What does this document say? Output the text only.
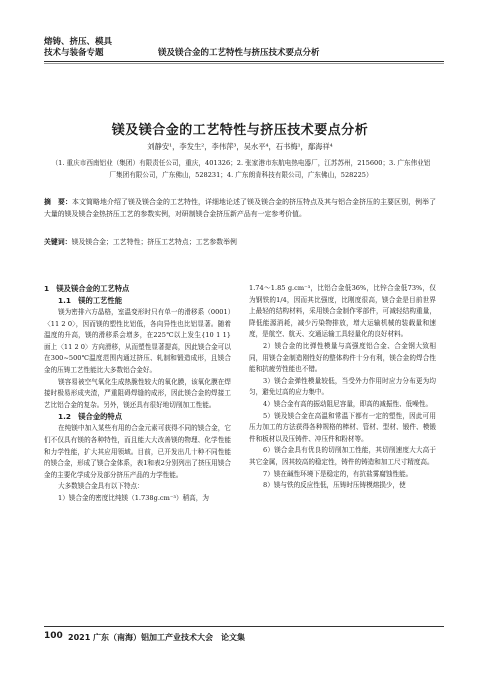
熔铸、挤压、模具
技术与装备专题	镁及镁合金的工艺特性与挤压技术要点分析
镁及镁合金的工艺特性与挤压技术要点分析
刘静安¹，李发生²，李伟萍³，吴水平⁴，石书梅¹，鄢海祥⁴
（1. 重庆市西南铝业（集团）有限责任公司，重庆，401326；2. 张家港市东航电热电器厂，江苏苏州，215600；3. 广东伟业铝厂集团有限公司，广东佛山，528231；4. 广东朗肯科技有限公司，广东佛山，528225）
摘　要：本文简略地介绍了镁及镁合金的工艺特性，详细地论述了镁及镁合金的挤压特点及其与铝合金挤压的主要区别，例举了大量的镁及镁合金热挤压工艺的参数实例，对研制镁合金挤压新产品有一定参考价值。
关键词：镁及镁合金；工艺特性；挤压工艺特点；工艺参数举例

1　镁及镁合金的工艺特点

1.1　镁的工艺性能

镁为密排六方晶格，室温变形时只有单一的滑移系（0001）〈11 2 0〉，因而镁的塑性比铝低，各向异性也比铝显著。随着温度的升高，镁的滑移系会增多，在225℃以上发生{10 1 1}面上〈11 2 0〉方向滑移，从而塑性显著提高，因此镁合金可以在300~500℃温度范围内通过挤压、轧制和锻造成形，且镁合金的压铸工艺性能比大多数铝合金好。

镁容易被空气氧化生成热脆性较大的氧化膜，该氧化膜在焊接时极易形成夹渣，严重阻碍焊缝的成形，因此镁合金的焊接工艺比铝合金的复杂。另外，镁还具有很好地切削加工性能。

1.2　镁合金的特点

在纯镁中加入某些有用的合金元素可获得不同的镁合金，它们不仅具有镁的各种特性，而且能大大改善镁的物理、化学性能和力学性能，扩大其应用领域。目前，已开发出几十种不同性能的镁合金，形成了镁合金体系，表1和表2分别列出了挤压用镁合金的主要化学成分及部分挤压产品的力学性能。

大多数镁合金具有以下特点：

1）镁合金的密度比纯镁（1.738g.cm⁻³）稍高，为

1.74～1.85 g.cm⁻³，比铝合金低36%，比锌合金低73%，仅为钢铁的1/4，因而其比强度，比刚度很高，镁合金是目前世界上最轻的结构材料，采用镁合金制作零部件，可减轻结构重量，降低能源消耗，减少污染物排放，增大运输机械的装载量和速度，是航空、航天、交通运输工具轻量化的良好材料。

2）镁合金的比弹性模量与高强度铝合金、合金钢大致相同，用镁合金制造刚性好的整体构件十分有利，镁合金的焊合性能和抗疲劳性能也不错。

3）镁合金弹性模量较低，当受外力作用时应力分布更为均匀，避免过高的应力集中。

4）镁合金有高的振动阻尼容量，即高的减振性、低噪性。

5）镁及镁合金在高温和常温下都有一定的塑性，因此可用压力加工的方法获得各种规格的棒材、管材、型材、锻件、模锻件和板材以及压铸件、冲压件和粉材等。

6）镁合金具有优良的切削加工性能，其切削速度大大高于其它金属，因其较高的稳定性，铸件的铸造和加工尺寸精度高。

7）镁在碱性环境下是稳定的，有抗盐雾腐蚀性能。

8）镁与铁的反应性低，压铸时压铸模熔损少，使

100 2021 广东（南海）铝加工产业技术大会　论文集
